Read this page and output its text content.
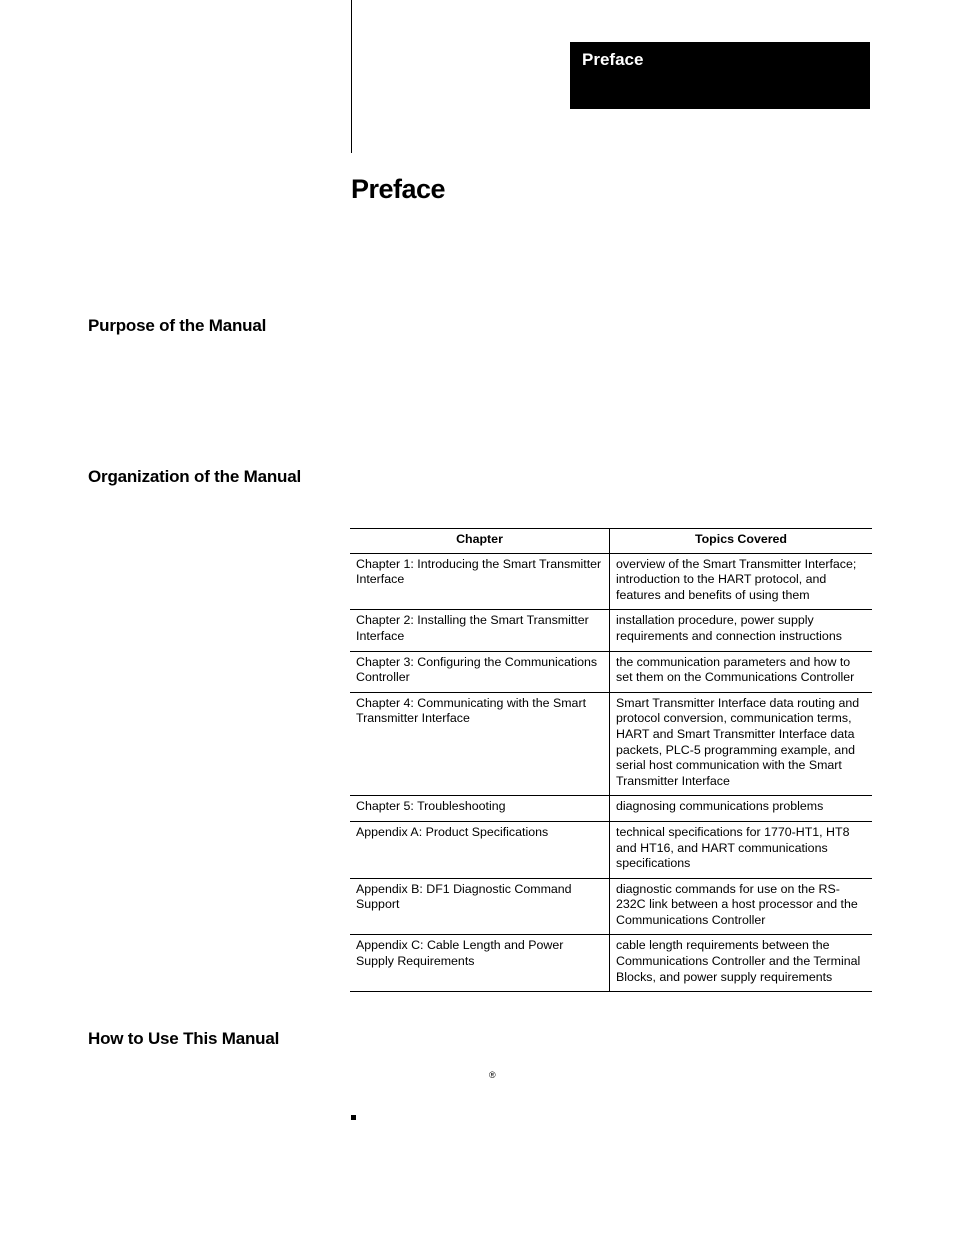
Preface
Preface
Purpose of the Manual
Organization of the Manual
Chapter	Topics Covered
Chapter 1: Introducing the Smart Transmitter Interface	overview of the Smart Transmitter Interface; introduction to the HART protocol, and features and benefits of using them
Chapter 2: Installing the Smart Transmitter Interface	installation procedure, power supply requirements and connection instructions
Chapter 3: Configuring the Communications Controller	the communication parameters and how to set them on the Communications Controller
Chapter 4: Communicating with the Smart Transmitter Interface	Smart Transmitter Interface data routing and protocol conversion, communication terms, HART and Smart Transmitter Interface data packets, PLC-5 programming example, and serial host communication with the Smart Transmitter Interface
Chapter 5: Troubleshooting	diagnosing communications problems
Appendix A: Product Specifications	technical specifications for 1770-HT1, HT8 and HT16, and HART communications specifications
Appendix B: DF1 Diagnostic Command Support	diagnostic commands for use on the RS-232C link between a host processor and the Communications Controller
Appendix C: Cable Length and Power Supply Requirements	cable length requirements between the Communications Controller and the Terminal Blocks, and power supply requirements
How to Use This Manual
®
